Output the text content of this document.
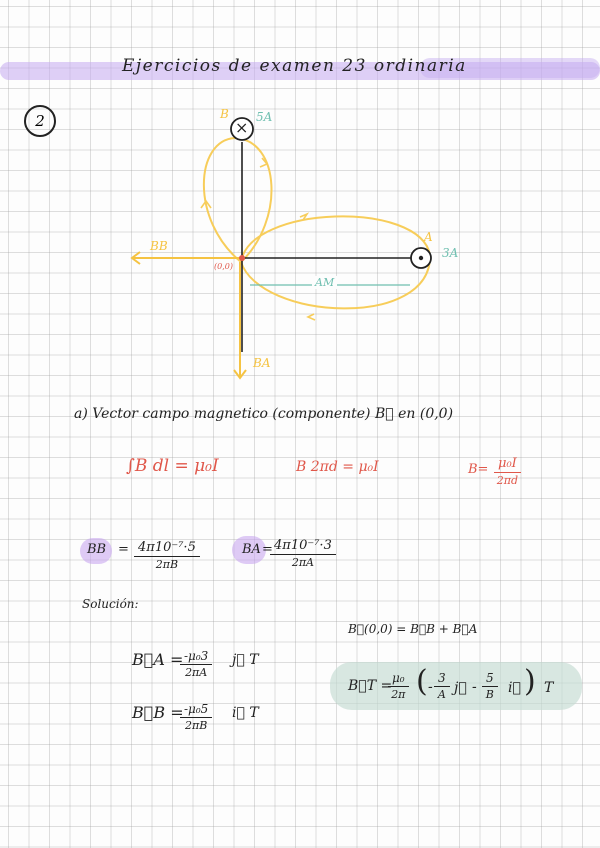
Ejercicios de examen 23 ordinaria
2	×
B 5A
A
3A
(0,0)
BB
BA
AM
a) Vector campo magnetico (componente) B⃗ en (0,0)
∫B dl = μ₀I	B 2πd = μ₀I	B= μ₀I
2πd
BB = 4π10⁻⁷·5
2πB
BA = 4π10⁻⁷·3
2πA
Solución:
B⃗(0,0) = B⃗B + B⃗A
B⃗A =
$\frac{\text{-μ₀3}}{2\pi A}$ j⃗ T
B⃗B =
$\frac{\text{-μ₀5}}{2\pi B}$ i⃗ T
B⃗T =
$\frac{\text{μ₀}}{2\pi}$ ( - $\frac{3}{A}$ j⃗ - $\frac{5}{B}$ i⃗ ) T
